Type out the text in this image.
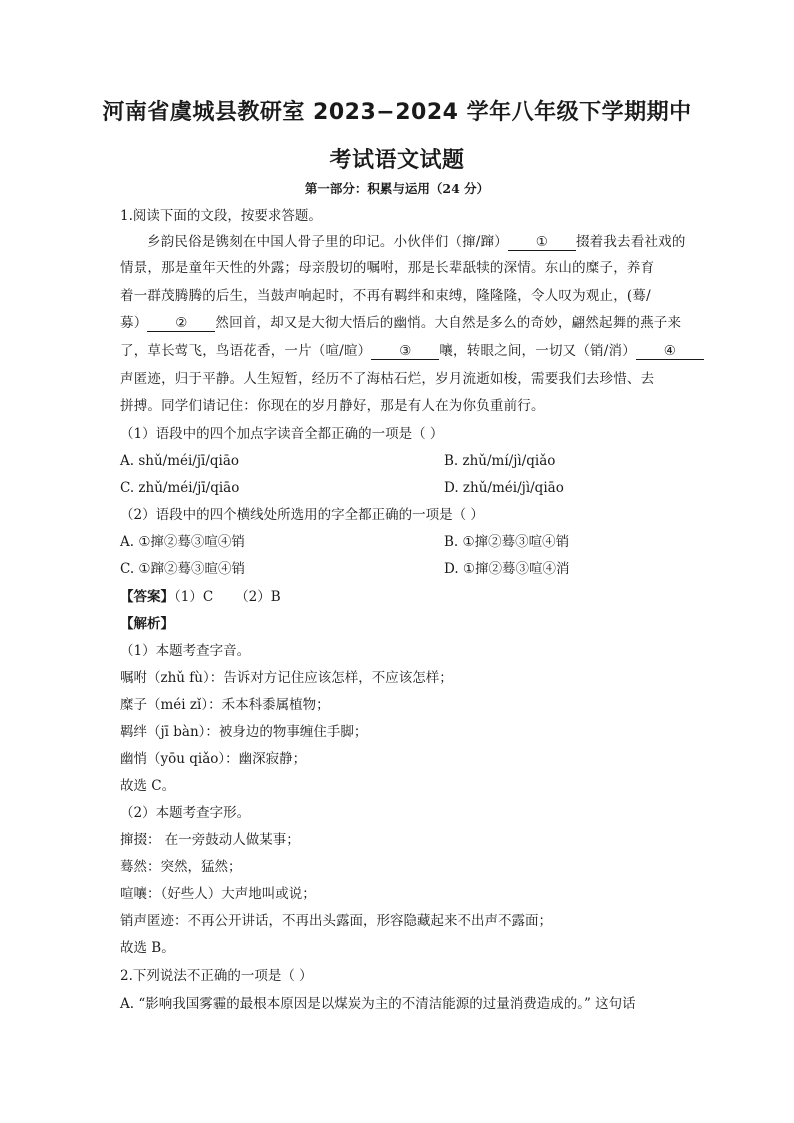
河南省虞城县教研室 2023−2024 学年八年级下学期期中
考试语文试题
第一部分：积累与运用（24 分）
1.阅读下面的文段，按要求答题。
乡韵民俗是镌刻在中国人骨子里的印记。小伙伴们（撺/蹿） ① 掇着我去看社戏的
情景，那是童年天性的外露；母亲殷切的嘱咐，那是长辈舐犊的深情。东山的糜子，养育
着一群茂腾腾的后生，当鼓声响起时，不再有羁绊和束缚，隆隆隆，令人叹为观止，(蓦/
募） ② 然回首，却又是大彻大悟后的幽悄。大自然是多么的奇妙，翩然起舞的燕子来
了，草长莺飞，鸟语花香，一片（喧/暄） ③ 嚷，转眼之间，一切又（销/消） ④
声匿迹，归于平静。人生短暂，经历不了海枯石烂，岁月流逝如梭，需要我们去珍惜、去
拼搏。同学们请记住：你现在的岁月静好，那是有人在为你负重前行。
（1）语段中的四个加点字读音全都正确的一项是（ ）
A. shǔ/méi/jī/qiāo	B. zhǔ/mí/jì/qiǎo
C. zhǔ/méi/jī/qiāo	D. zhǔ/méi/jì/qiāo
（2）语段中的四个横线处所选用的字全都正确的一项是（ ）
A. ①撺②蓦③喧④销	B. ①撺②蓦③喧④销
C. ①蹿②蓦③暄④销	D. ①撺②蓦③喧④消
【答案】（1）C （2）B
【解析】
（1）本题考查字音。
嘱咐（zhǔ fù）：告诉对方记住应该怎样，不应该怎样；
糜子（méi zǐ）：禾本科黍属植物；
羁绊（jī bàn）：被身边的物事缠住手脚；
幽悄（yōu qiǎo）：幽深寂静；
故选 C。
（2）本题考查字形。
撺掇： 在一旁鼓动人做某事；
蓦然：突然，猛然；
喧嚷：（好些人）大声地叫或说；
销声匿迹：不再公开讲话，不再出头露面，形容隐藏起来不出声不露面；
故选 B。
2.下列说法不正确的一项是（ ）
A. “影响我国雾霾的最根本原因是以煤炭为主的不清洁能源的过量消费造成的。” 这句话
